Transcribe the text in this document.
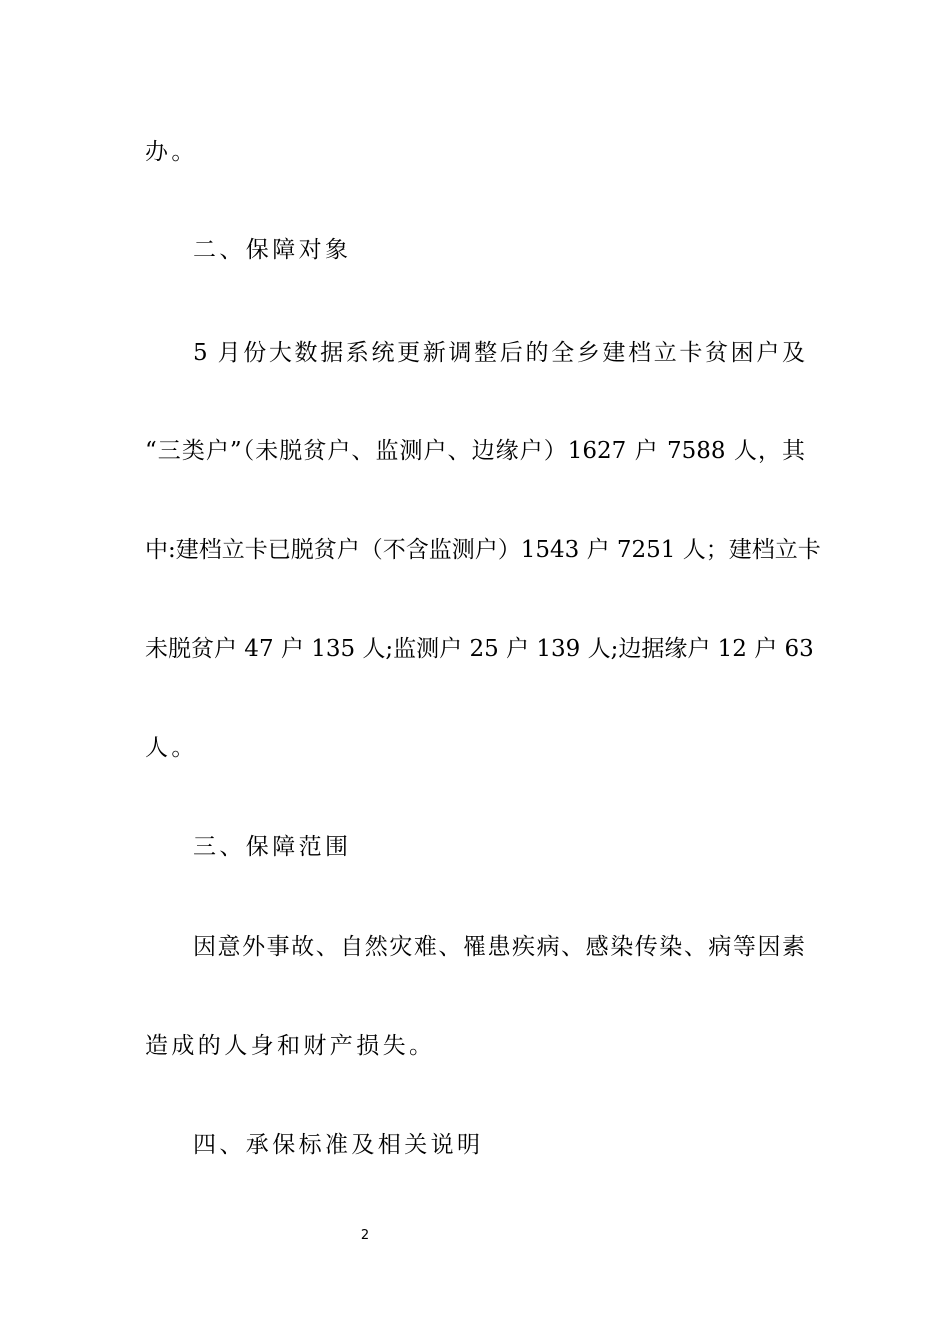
办。
二、保障对象
5 月份大数据系统更新调整后的全乡建档立卡贫困户及
“三类户”（未脱贫户、监测户、边缘户）1627 户 7588 人，其
中:建档立卡已脱贫户（不含监测户）1543 户 7251 人；建档立卡
未脱贫户 47 户 135 人;监测户 25 户 139 人;边据缘户 12 户 63
人。
三、保障范围
因意外事故、自然灾难、罹患疾病、感染传染、病等因素
造成的人身和财产损失。
四、承保标准及相关说明
2
